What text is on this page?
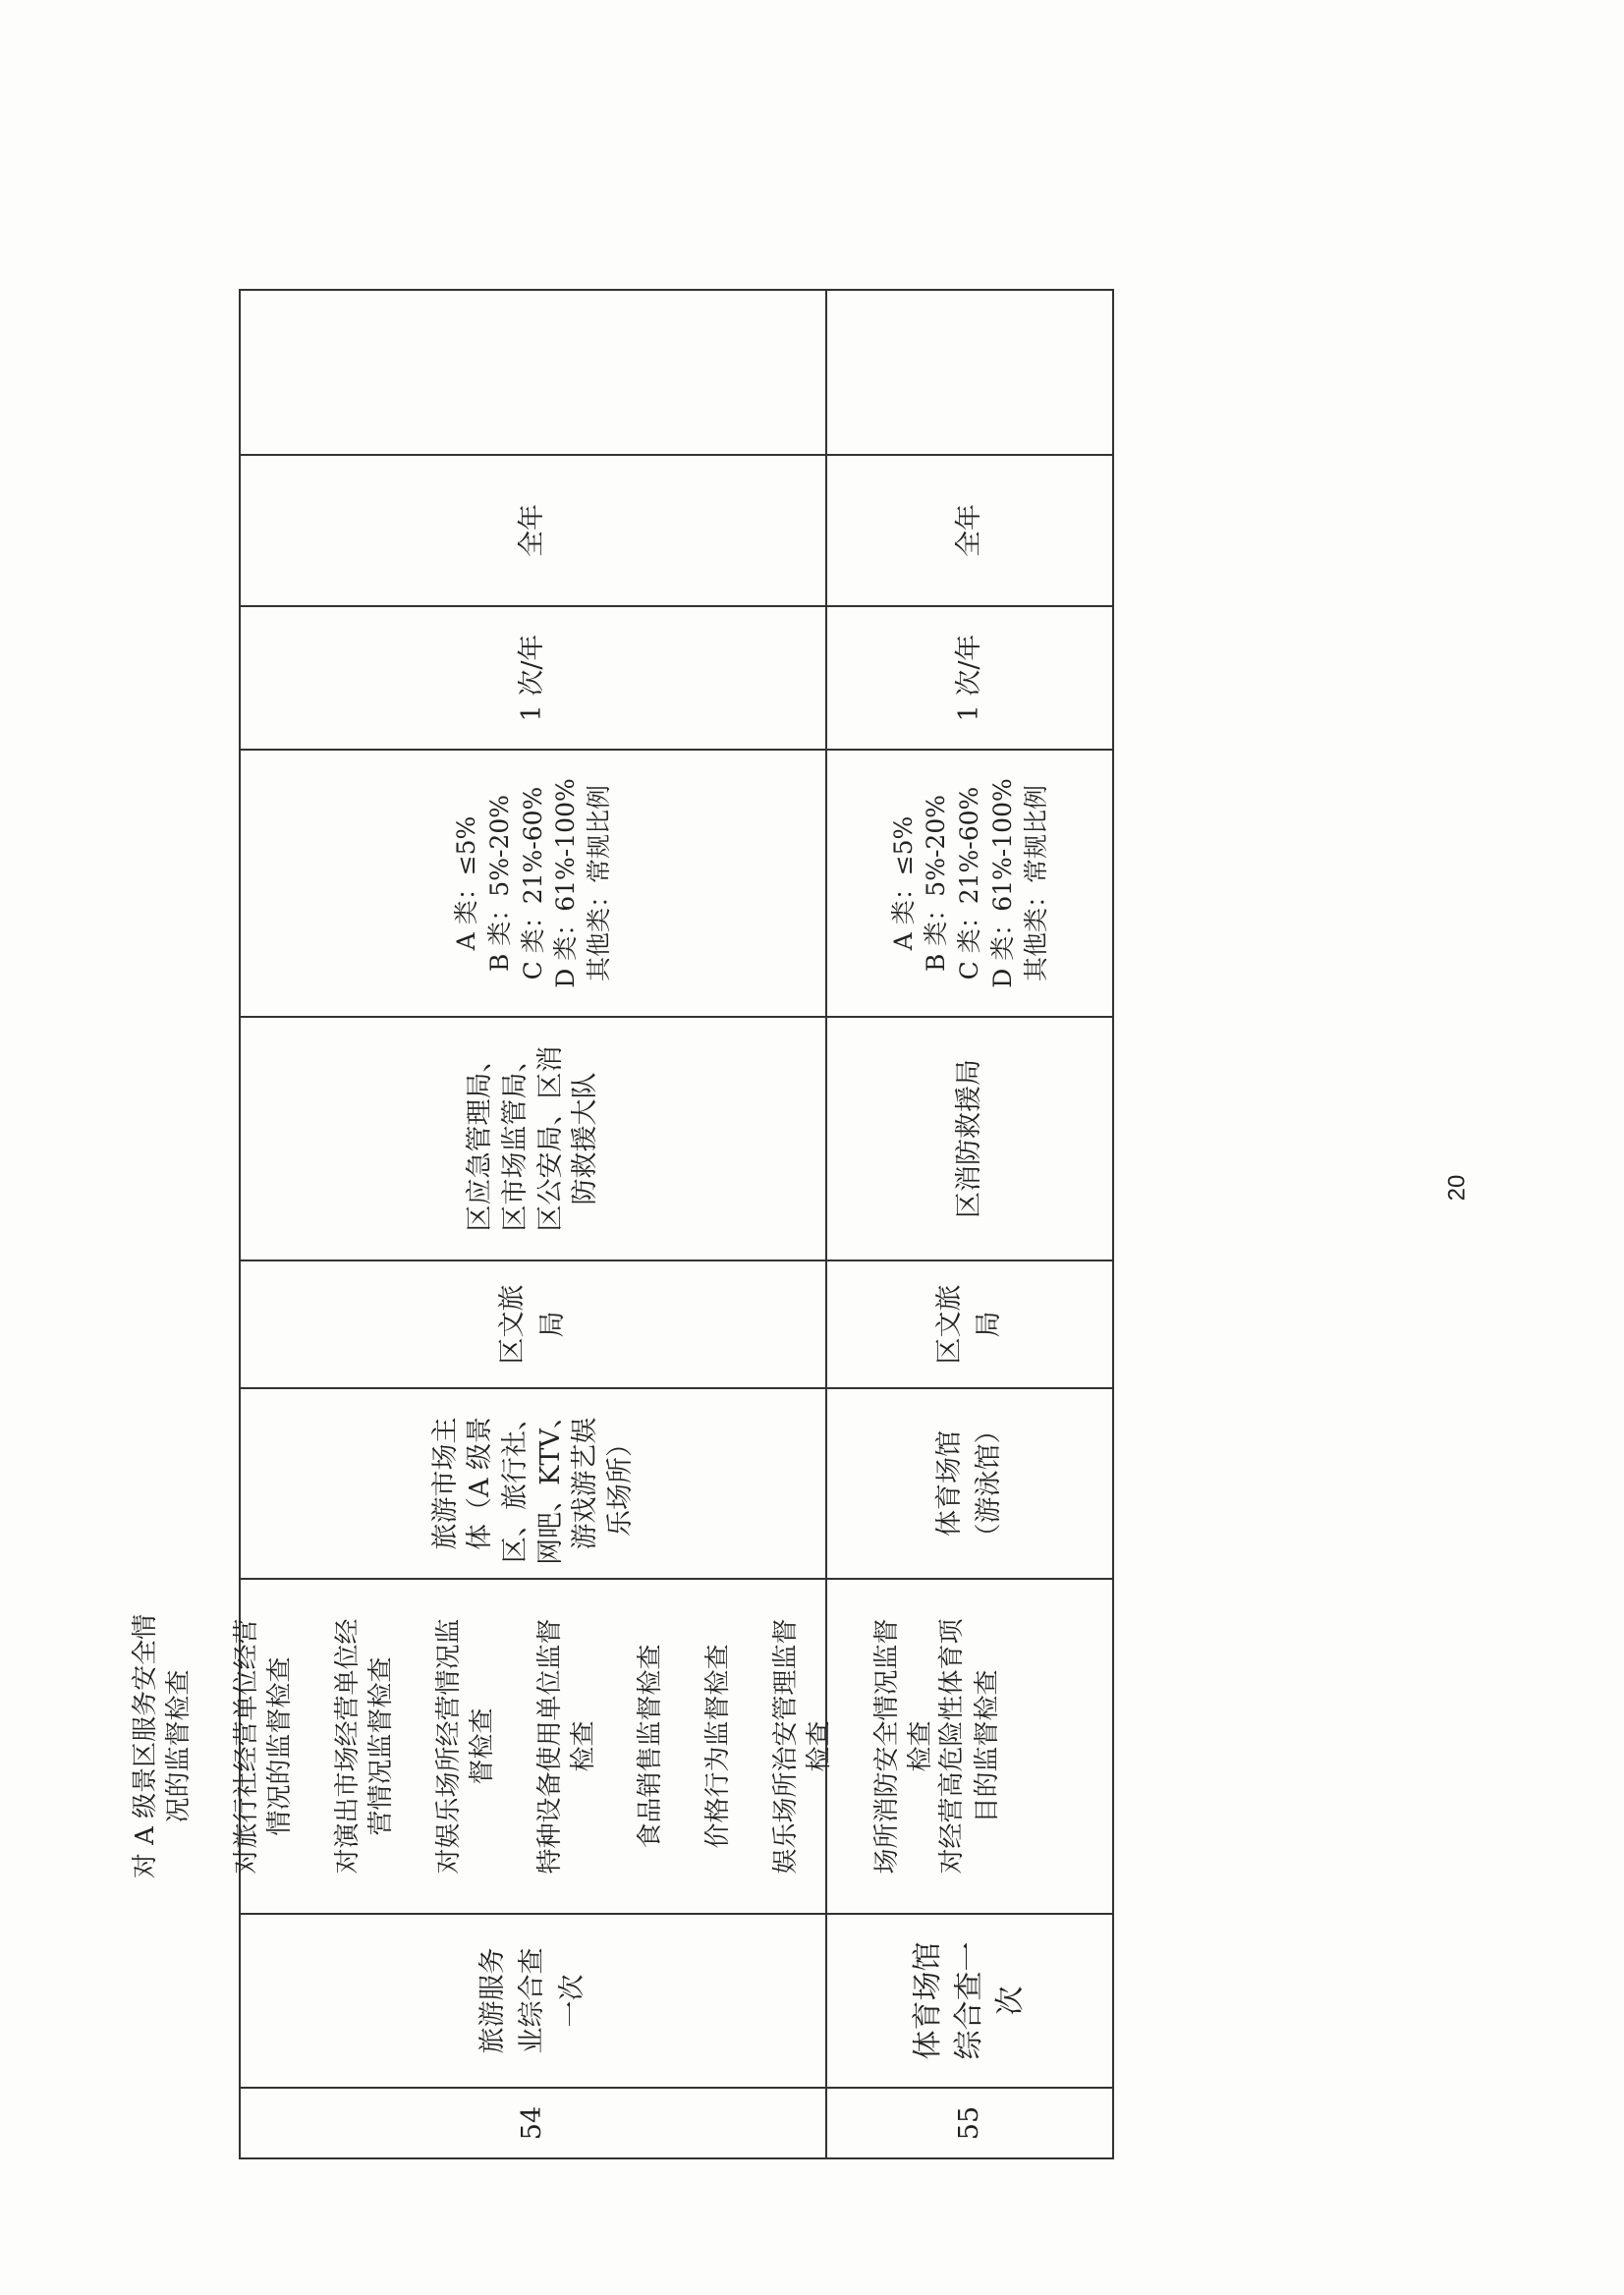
54
旅游服务
业综合查
一次

对 A 级景区服务安全情
况的监督检查 对旅行社经营单位经营
情况的监督检查 对演出市场经营单位经
营情况监督检查 对娱乐场所经营情况监
督检查 特种设备使用单位监督
检查 食品销售监督检查 价格行为监督检查 娱乐场所治安管理监督
检查 场所消防安全情况监督
检查

旅游市场主
体（A 级景
区、旅行社、
网吧、KTV、
游戏游艺娱
乐场所）
区文旅
局
区应急管理局、
区市场监管局、
区公安局、区消
防救援大队
A 类：≤5%
B 类：5%-20%
C 类：21%-60%
D 类：61%-100%
其他类：常规比例
1 次/年
全年
55
体育场馆
综合查一
次

对经营高危险性体育项
目的监督检查

体育场馆
（游泳馆）
区文旅
局
区消防救援局
A 类：≤5%
B 类：5%-20%
C 类：21%-60%
D 类：61%-100%
其他类：常规比例
1 次/年
全年
20
